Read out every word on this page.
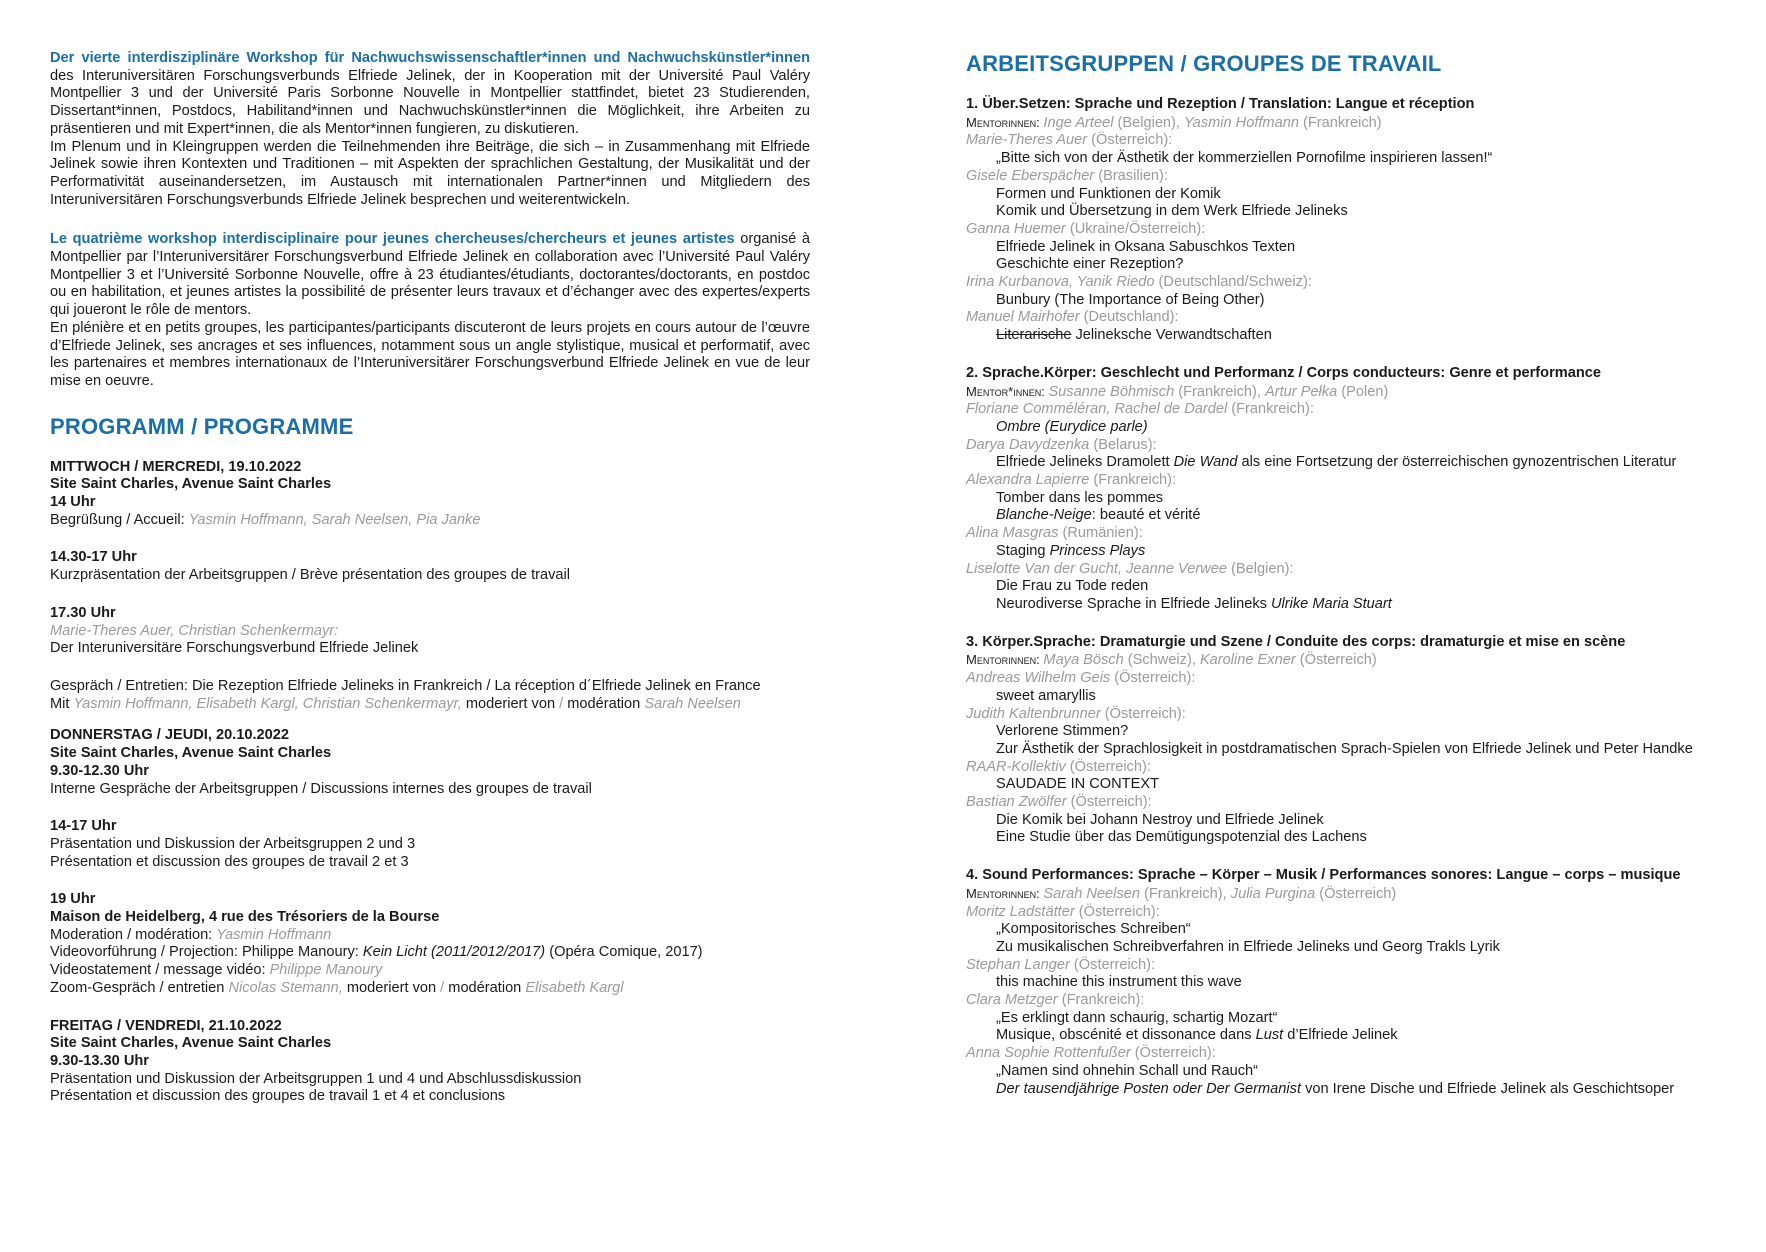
Der vierte interdisziplinäre Workshop für Nachwuchswissenschaftler*innen und Nachwuchskünstler*innen des Interuniversitären Forschungsverbunds Elfriede Jelinek, der in Kooperation mit der Université Paul Valéry Montpellier 3 und der Université Paris Sorbonne Nouvelle in Montpellier stattfindet, bietet 23 Studierenden, Dissertant*innen, Postdocs, Habilitand*innen und Nachwuchskünstler*innen die Möglichkeit, ihre Arbeiten zu präsentieren und mit Expert*innen, die als Mentor*innen fungieren, zu diskutieren.

Im Plenum und in Kleingruppen werden die Teilnehmenden ihre Beiträge, die sich – in Zusammenhang mit Elfriede Jelinek sowie ihren Kontexten und Traditionen – mit Aspekten der sprachlichen Gestaltung, der Musikalität und der Performativität auseinandersetzen, im Austausch mit internationalen Partner*innen und Mitgliedern des Interuniversitären Forschungsverbunds Elfriede Jelinek besprechen und weiterentwickeln.

Le quatrième workshop interdisciplinaire pour jeunes chercheuses/chercheurs et jeunes artistes organisé à Montpellier par l’Interuniversitärer Forschungsverbund Elfriede Jelinek en collaboration avec l’Université Paul Valéry Montpellier 3 et l’Université Sorbonne Nouvelle, offre à 23 étudiantes/étudiants, doctorantes/doctorants, en postdoc ou en habilitation, et jeunes artistes la possibilité de présenter leurs travaux et d’échanger avec des expertes/experts qui joueront le rôle de mentors.

En plénière et en petits groupes, les participantes/participants discuteront de leurs projets en cours autour de l’œuvre d’Elfriede Jelinek, ses ancrages et ses influences, notamment sous un angle stylistique, musical et performatif, avec les partenaires et membres internationaux de l’Interuniversitärer Forschungsverbund Elfriede Jelinek en vue de leur mise en oeuvre.

PROGRAMM / PROGRAMME
MITTWOCH / MERCREDI, 19.10.2022
Site Saint Charles, Avenue Saint Charles
14 Uhr
Begrüßung / Accueil: Yasmin Hoffmann, Sarah Neelsen, Pia Janke
14.30-17 Uhr
Kurzpräsentation der Arbeitsgruppen / Brève présentation des groupes de travail
17.30 Uhr
Marie-Theres Auer, Christian Schenkermayr:
Der Interuniversitäre Forschungsverbund Elfriede Jelinek
Gespräch / Entretien: Die Rezeption Elfriede Jelineks in Frankreich / La réception d´Elfriede Jelinek en France
Mit Yasmin Hoffmann, Elisabeth Kargl, Christian Schenkermayr, moderiert von / modération Sarah Neelsen
DONNERSTAG / JEUDI, 20.10.2022
Site Saint Charles, Avenue Saint Charles
9.30-12.30 Uhr
Interne Gespräche der Arbeitsgruppen / Discussions internes des groupes de travail
14-17 Uhr
Präsentation und Diskussion der Arbeitsgruppen 2 und 3
Présentation et discussion des groupes de travail 2 et 3
19 Uhr
Maison de Heidelberg, 4 rue des Trésoriers de la Bourse
Moderation / modération: Yasmin Hoffmann
Videovorführung / Projection: Philippe Manoury: Kein Licht (2011/2012/2017) (Opéra Comique, 2017)
Videostatement / message vidéo: Philippe Manoury
Zoom-Gespräch / entretien Nicolas Stemann, moderiert von / modération Elisabeth Kargl
FREITAG / VENDREDI, 21.10.2022
Site Saint Charles, Avenue Saint Charles
9.30-13.30 Uhr
Präsentation und Diskussion der Arbeitsgruppen 1 und 4 und Abschlussdiskussion
Présentation et discussion des groupes de travail 1 et 4 et conclusions
ARBEITSGRUPPEN / GROUPES DE TRAVAIL
1. Über.Setzen: Sprache und Rezeption / Translation: Langue et réception
Mentorinnen: Inge Arteel (Belgien), Yasmin Hoffmann (Frankreich)
Marie-Theres Auer (Österreich):
„Bitte sich von der Ästhetik der kommerziellen Pornofilme inspirieren lassen!“
Gisele Eberspächer (Brasilien):
Formen und Funktionen der Komik
Komik und Übersetzung in dem Werk Elfriede Jelineks
Ganna Huemer (Ukraine/Österreich):
Elfriede Jelinek in Oksana Sabuschkos Texten
Geschichte einer Rezeption?
Irina Kurbanova, Yanik Riedo (Deutschland/Schweiz):
Bunbury (The Importance of Being Other)
Manuel Mairhofer (Deutschland):
Literarische Jelineksche Verwandtschaften
2. Sprache.Körper: Geschlecht und Performanz / Corps conducteurs: Genre et performance
Mentor*innen: Susanne Böhmisch (Frankreich), Artur Pełka (Polen)
Floriane Comméléran, Rachel de Dardel (Frankreich):
Ombre (Eurydice parle)
Darya Davydzenka (Belarus):
Elfriede Jelineks Dramolett Die Wand als eine Fortsetzung der österreichischen gynozentrischen Literatur
Alexandra Lapierre (Frankreich):
Tomber dans les pommes
Blanche-Neige: beauté et vérité
Alina Masgras (Rumänien):
Staging Princess Plays
Liselotte Van der Gucht, Jeanne Verwee (Belgien):
Die Frau zu Tode reden
Neurodiverse Sprache in Elfriede Jelineks Ulrike Maria Stuart
3. Körper.Sprache: Dramaturgie und Szene / Conduite des corps: dramaturgie et mise en scène
Mentorinnen: Maya Bösch (Schweiz), Karoline Exner (Österreich)
Andreas Wilhelm Geis (Österreich):
sweet amaryllis
Judith Kaltenbrunner (Österreich):
Verlorene Stimmen?
Zur Ästhetik der Sprachlosigkeit in postdramatischen Sprach-Spielen von Elfriede Jelinek und Peter Handke
RAAR-Kollektiv (Österreich):
SAUDADE IN CONTEXT
Bastian Zwölfer (Österreich):
Die Komik bei Johann Nestroy und Elfriede Jelinek
Eine Studie über das Demütigungspotenzial des Lachens
4. Sound Performances: Sprache – Körper – Musik / Performances sonores: Langue – corps – musique
Mentorinnen: Sarah Neelsen (Frankreich), Julia Purgina (Österreich)
Moritz Ladstätter (Österreich):
„Kompositorisches Schreiben“
Zu musikalischen Schreibverfahren in Elfriede Jelineks und Georg Trakls Lyrik
Stephan Langer (Österreich):
this machine this instrument this wave
Clara Metzger (Frankreich):
„Es erklingt dann schaurig, schartig Mozart“
Musique, obscénité et dissonance dans Lust d’Elfriede Jelinek
Anna Sophie Rottenfußer (Österreich):
„Namen sind ohnehin Schall und Rauch“
Der tausendjährige Posten oder Der Germanist von Irene Dische und Elfriede Jelinek als Geschichtsoper
